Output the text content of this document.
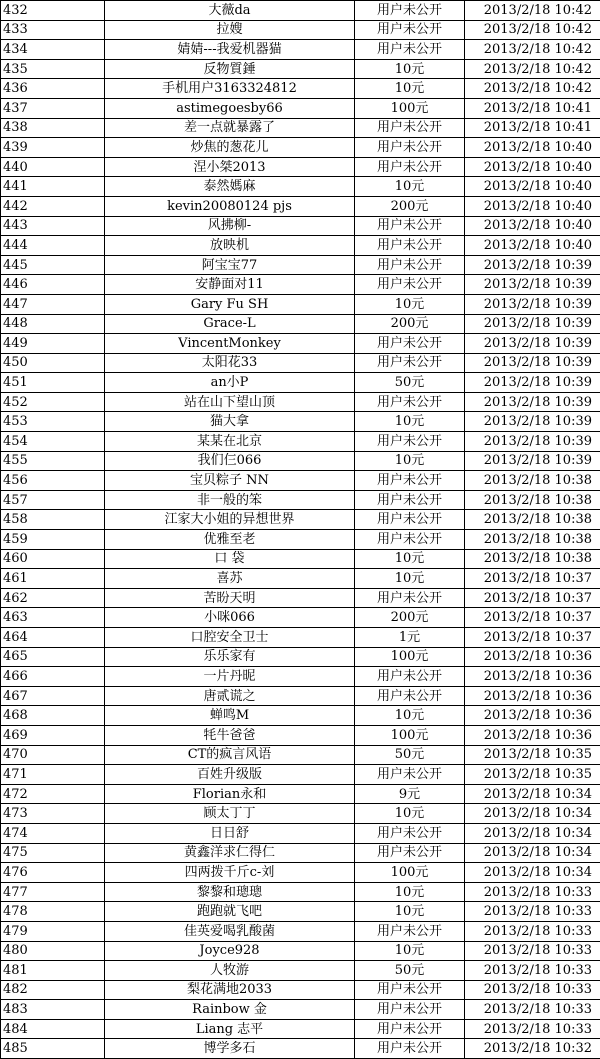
432	大薇da	用户未公开	2013/2/18 10:42
433	拉嫂	用户未公开	2013/2/18 10:42
434	婧婧---我爱机器猫	用户未公开	2013/2/18 10:42
435	反物質錘	10元	2013/2/18 10:42
436	手机用户3163324812	10元	2013/2/18 10:42
437	astimegoesby66	100元	2013/2/18 10:41
438	差一点就暴露了	用户未公开	2013/2/18 10:41
439	炒焦的葱花儿	用户未公开	2013/2/18 10:40
440	涅小桀2013	用户未公开	2013/2/18 10:40
441	泰然媽麻	10元	2013/2/18 10:40
442	kevin20080124 pjs	200元	2013/2/18 10:40
443	风拂柳-	用户未公开	2013/2/18 10:40
444	放映机	用户未公开	2013/2/18 10:40
445	阿宝宝77	用户未公开	2013/2/18 10:39
446	安静面对11	用户未公开	2013/2/18 10:39
447	Gary Fu SH	10元	2013/2/18 10:39
448	Grace-L	200元	2013/2/18 10:39
449	VincentMonkey	用户未公开	2013/2/18 10:39
450	太阳花33	用户未公开	2013/2/18 10:39
451	an小P	50元	2013/2/18 10:39
452	站在山下望山顶	用户未公开	2013/2/18 10:39
453	猫大拿	10元	2013/2/18 10:39
454	某某在北京	用户未公开	2013/2/18 10:39
455	我们仨066	10元	2013/2/18 10:39
456	宝贝粽子 NN	用户未公开	2013/2/18 10:38
457	非一般的笨	用户未公开	2013/2/18 10:38
458	江家大小姐的异想世界	用户未公开	2013/2/18 10:38
459	优雅至老	用户未公开	2013/2/18 10:38
460	口 袋	10元	2013/2/18 10:38
461	喜苏	10元	2013/2/18 10:37
462	苦盼天明	用户未公开	2013/2/18 10:37
463	小咪066	200元	2013/2/18 10:37
464	口腔安全卫士	1元	2013/2/18 10:37
465	乐乐家有	100元	2013/2/18 10:36
466	一片丹昵	用户未公开	2013/2/18 10:36
467	唐贰谎之	用户未公开	2013/2/18 10:36
468	蝉鸣M	10元	2013/2/18 10:36
469	牦牛爸爸	100元	2013/2/18 10:36
470	CT的疯言风语	50元	2013/2/18 10:35
471	百姓升级版	用户未公开	2013/2/18 10:35
472	Florian永和	9元	2013/2/18 10:34
473	顾太丁丁	10元	2013/2/18 10:34
474	日日舒	用户未公开	2013/2/18 10:34
475	黄鑫洋求仁得仁	用户未公开	2013/2/18 10:34
476	四两拨千斤c-刘	100元	2013/2/18 10:34
477	黎黎和璁璁	10元	2013/2/18 10:33
478	跑跑就飞吧	10元	2013/2/18 10:33
479	佳英爱喝乳酸菌	用户未公开	2013/2/18 10:33
480	Joyce928	10元	2013/2/18 10:33
481	人牧游	50元	2013/2/18 10:33
482	梨花满地2033	用户未公开	2013/2/18 10:33
483	Rainbow 金	用户未公开	2013/2/18 10:33
484	Liang 志平	用户未公开	2013/2/18 10:33
485	博学多石	用户未公开	2013/2/18 10:32
